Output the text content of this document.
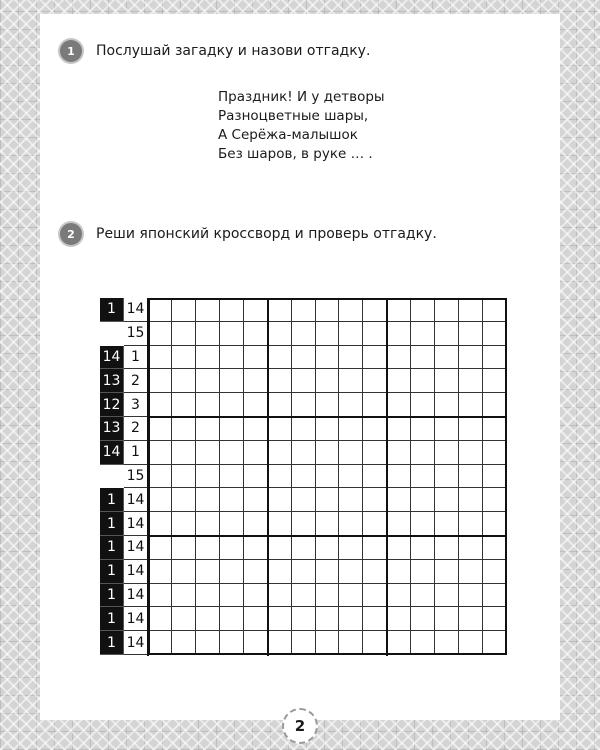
1	Послушай загадку и назови отгадку.
Праздник! И у детворы
Разноцветные шары,
А Серёжа-малышок
Без шаров, в руке … .
2	Реши японский кроссворд и проверь отгадку.
1 14
15
14 1
13 2
12 3
13 2
14 1
15
1 14
1 14
1 14
1 14
1 14
1 14
1 14
2
